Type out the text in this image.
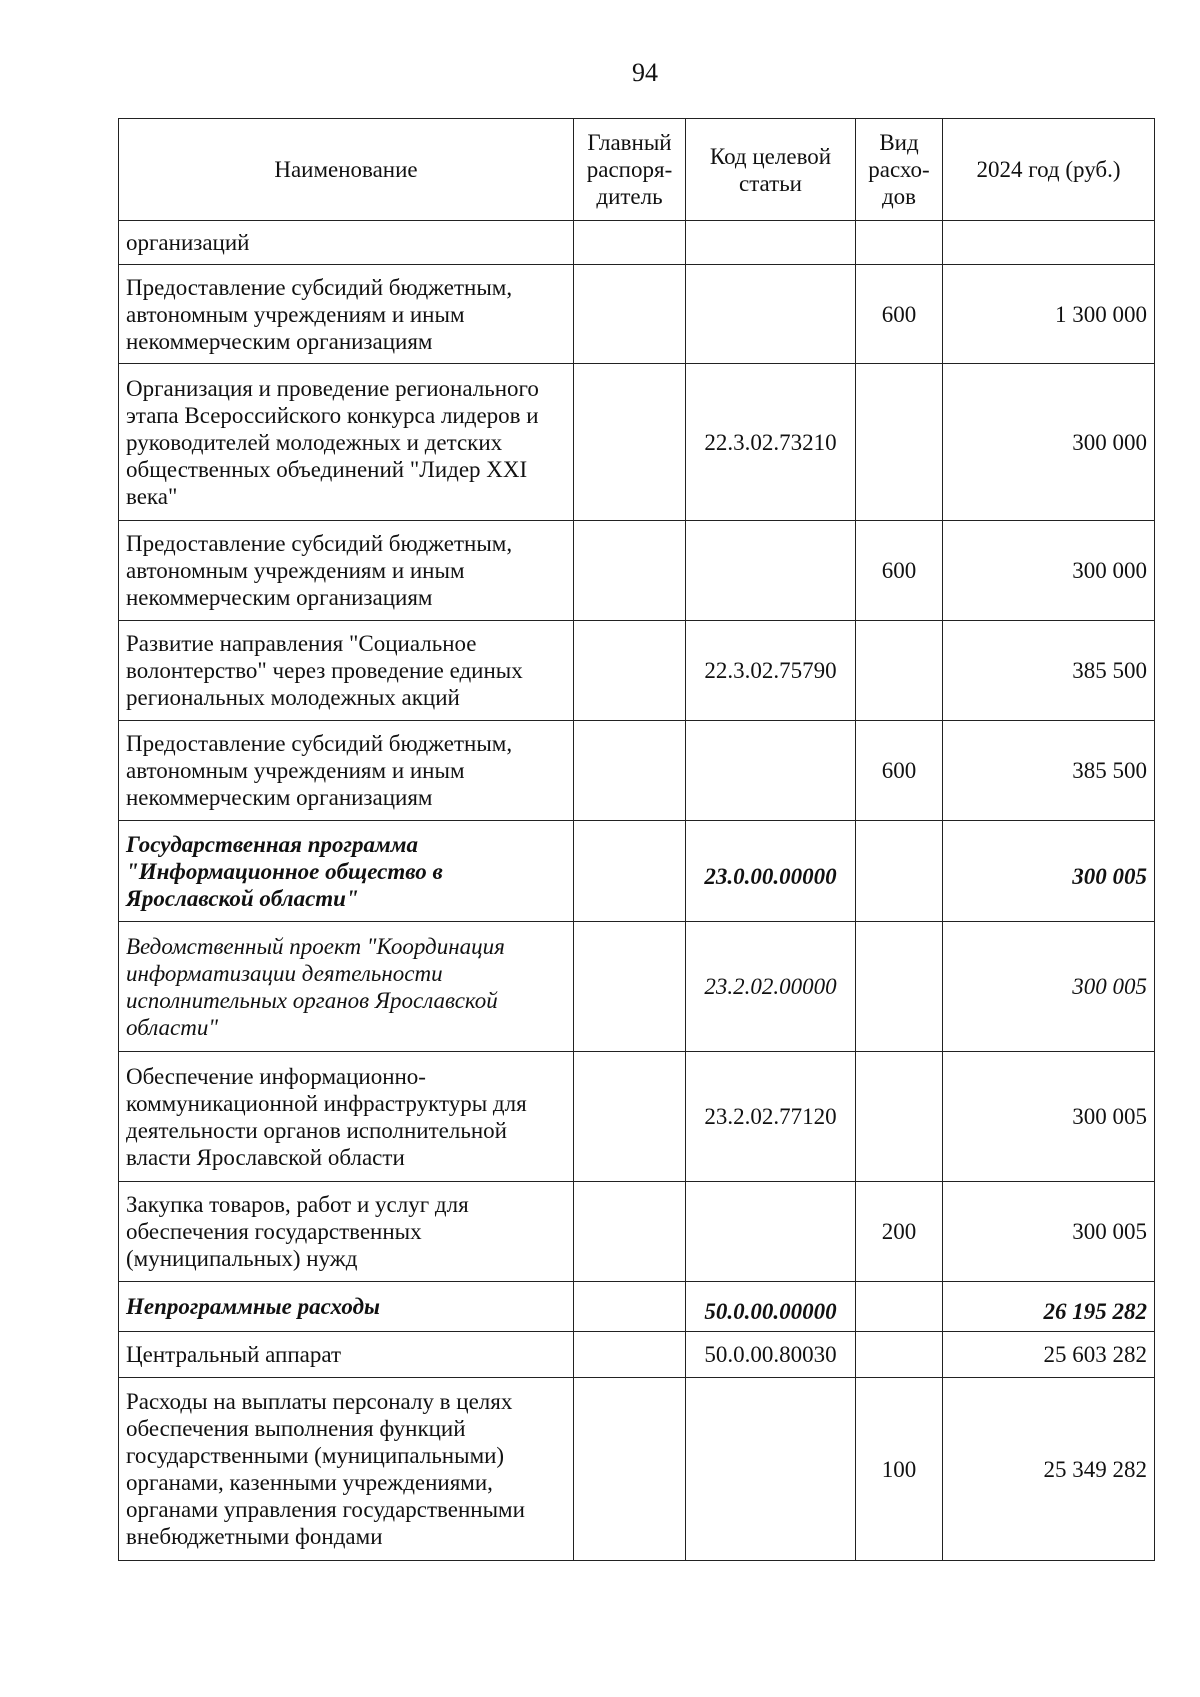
94
Наименование	Главный распоря-дитель	Код целевой статьи	Вид расхо-дов	2024 год (руб.)
организаций				
Предоставление субсидий бюджетным, автономным учреждениям и иным некоммерческим организациям			600	1 300 000
Организация и проведение регионального этапа Всероссийского конкурса лидеров и руководителей молодежных и детских общественных объединений "Лидер XXI века"		22.3.02.73210		300 000
Предоставление субсидий бюджетным, автономным учреждениям и иным некоммерческим организациям			600	300 000
Развитие направления "Социальное волонтерство" через проведение единых региональных молодежных акций		22.3.02.75790		385 500
Предоставление субсидий бюджетным, автономным учреждениям и иным некоммерческим организациям			600	385 500
Государственная программа "Информационное общество в Ярославской области"		23.0.00.00000		300 005
Ведомственный проект "Координация информатизации деятельности исполнительных органов Ярославской области"		23.2.02.00000		300 005
Обеспечение информационно-коммуникационной инфраструктуры для деятельности органов исполнительной власти Ярославской области		23.2.02.77120		300 005
Закупка товаров, работ и услуг для обеспечения государственных (муниципальных) нужд			200	300 005
Непрограммные расходы		50.0.00.00000		26 195 282
Центральный аппарат		50.0.00.80030		25 603 282
Расходы на выплаты персоналу в целях обеспечения выполнения функций государственными (муниципальными) органами, казенными учреждениями, органами управления государственными внебюджетными фондами			100	25 349 282
